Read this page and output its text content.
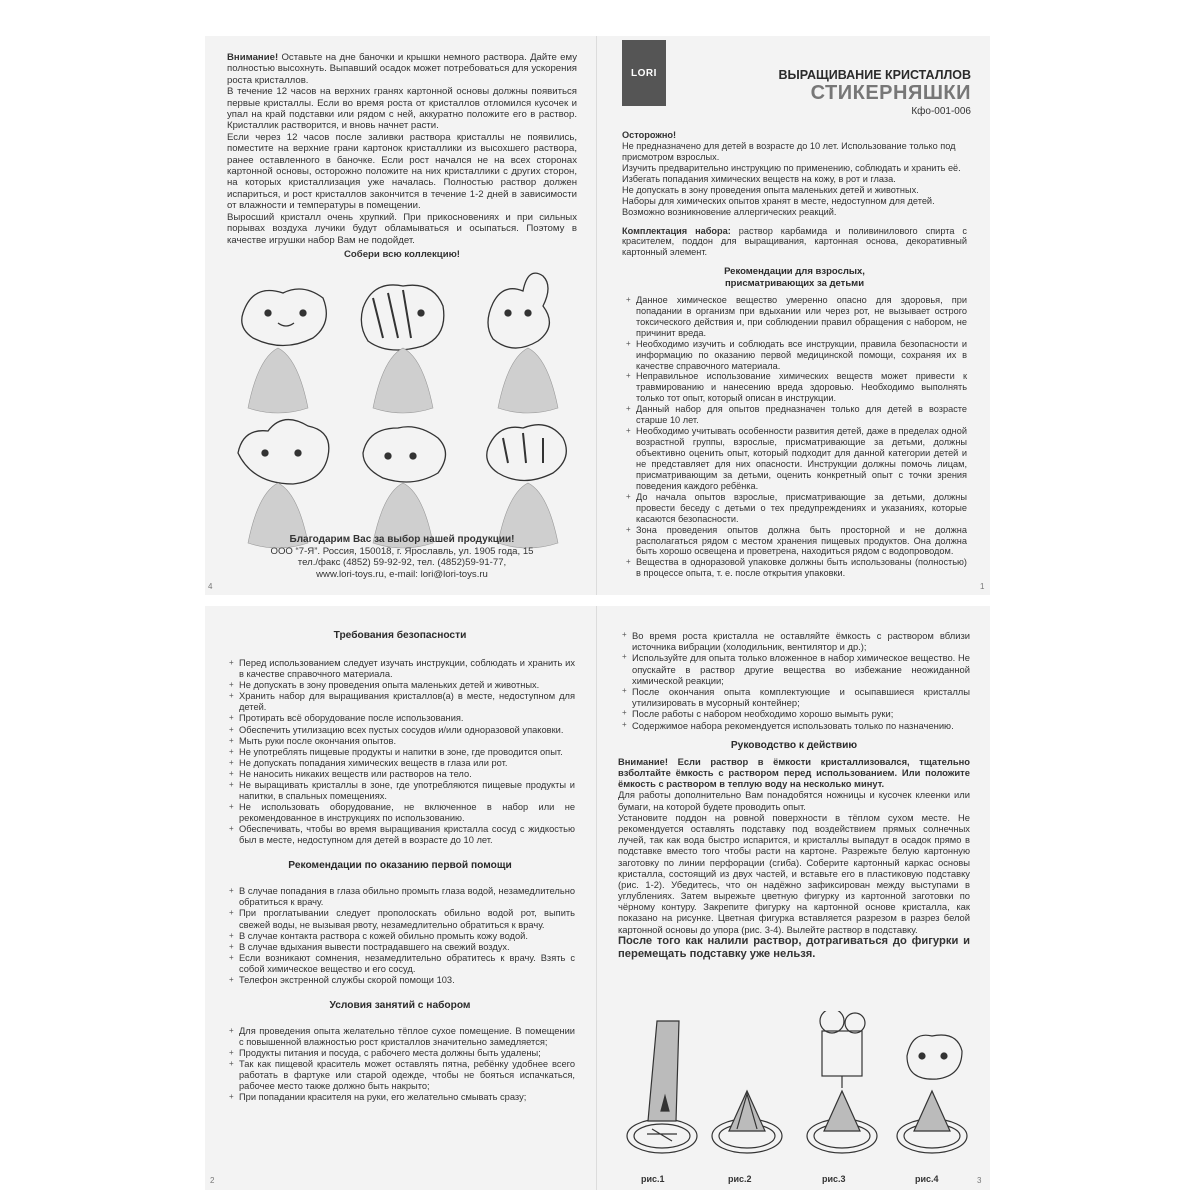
Внимание! Оставьте на дне баночки и крышки немного раствора. Дайте ему полностью высохнуть. Выпавший осадок может потребоваться для ускорения роста кристаллов.

В течение 12 часов на верхних гранях картонной основы должны появиться первые кристаллы. Если во время роста от кристаллов отломился кусочек и упал на край подставки или рядом с ней, аккуратно положите его в раствор. Кристаллик растворится, и вновь начнет расти.

Если через 12 часов после заливки раствора кристаллы не появились, поместите на верхние грани картонок кристаллики из высохшего раствора, ранее оставленного в баночке. Если рост начался не на всех сторонах картонной основы, осторожно положите на них кристаллики с других сторон, на которых кристаллизация уже началась. Полностью раствор должен испариться, и рост кристаллов закончится в течение 1-2 дней в зависимости от влажности и температуры в помещении.

Выросший кристалл очень хрупкий. При прикосновениях и при сильных порывах воздуха лучики будут обламываться и осыпаться. Поэтому в качестве игрушки набор Вам не подойдет.

Собери всю коллекцию!

Благодарим Вас за выбор нашей продукции!

ООО “7-Я”. Россия, 150018, г. Ярославль, ул. 1905 года, 15

тел./факс (4852) 59-92-92, тел. (4852)59-91-77,

www.lori-toys.ru, e-mail: lori@lori-toys.ru

4	1
LORI	ВЫРАЩИВАНИЕ КРИСТАЛЛОВ

СТИКЕРНЯШКИ

Кфо-001-006

Осторожно!

Не предназначено для детей в возрасте до 10 лет. Использование только под присмотром взрослых.

Изучить предварительно инструкцию по применению, соблюдать и хранить её.

Избегать попадания химических веществ на кожу, в рот и глаза.

Не допускать в зону проведения опыта маленьких детей и животных.

Наборы для химических опытов хранят в месте, недоступном для детей.

Возможно возникновение аллергических реакций.

Комплектация набора: раствор карбамида и поливинилового спирта с красителем, поддон для выращивания, картонная основа, декоративный картонный элемент.

Рекомендации для взрослых,

присматривающих за детьми

+ Данное химическое вещество умеренно опасно для здоровья, при попадании в организм при вдыхании или через рот, не вызывает острого токсического действия и, при соблюдении правил обращения с набором, не причинит вреда.
+ Необходимо изучить и соблюдать все инструкции, правила безопасности и информацию по оказанию первой медицинской помощи, сохраняя их в качестве справочного материала.
+ Неправильное использование химических веществ может привести к травмированию и нанесению вреда здоровью. Необходимо выполнять только тот опыт, который описан в инструкции.
+ Данный набор для опытов предназначен только для детей в возрасте старше 10 лет.
+ Необходимо учитывать особенности развития детей, даже в пределах одной возрастной группы, взрослые, присматривающие за детьми, должны объективно оценить опыт, который подходит для данной категории детей и не представляет для них опасности. Инструкции должны помочь лицам, присматривающим за детьми, оценить конкретный опыт с точки зрения поведения каждого ребёнка.
+ До начала опытов взрослые, присматривающие за детьми, должны провести беседу с детьми о тех предупреждениях и указаниях, которые касаются безопасности.
+ Зона проведения опытов должна быть просторной и не должна располагаться рядом с местом хранения пищевых продуктов. Она должна быть хорошо освещена и проветрена, находиться рядом с водопроводом.
+ Вещества в одноразовой упаковке должны быть использованы (полностью) в процессе опыта, т. е. после открытия упаковки.

Требования безопасности

+ Перед использованием следует изучать инструкции, соблюдать и хранить их в качестве справочного материала.
+ Не допускать в зону проведения опыта маленьких детей и животных.
+ Хранить набор для выращивания кристаллов(а) в месте, недоступном для детей.
+ Протирать всё оборудование после использования.
+ Обеспечить утилизацию всех пустых сосудов и/или одноразовой упаковки.
+ Мыть руки после окончания опытов.
+ Не употреблять пищевые продукты и напитки в зоне, где проводится опыт.
+ Не допускать попадания химических веществ в глаза или рот.
+ Не наносить никаких веществ или растворов на тело.
+ Не выращивать кристаллы в зоне, где употребляются пищевые продукты и напитки, в спальных помещениях.
+ Не использовать оборудование, не включенное в набор или не рекомендованное в инструкциях по использованию.
+ Обеспечивать, чтобы во время выращивания кристалла сосуд с жидкостью был в месте, недоступном для детей в возрасте до 10 лет.

Рекомендации по оказанию первой помощи

+ В случае попадания в глаза обильно промыть глаза водой, незамедлительно обратиться к врачу.
+ При проглатывании следует прополоскать обильно водой рот, выпить свежей воды, не вызывая рвоту, незамедлительно обратиться к врачу.
+ В случае контакта раствора с кожей обильно промыть кожу водой.
+ В случае вдыхания вывести пострадавшего на свежий воздух.
+ Если возникают сомнения, незамедлительно обратитесь к врачу. Взять с собой химическое вещество и его сосуд.
+ Телефон экстренной службы скорой помощи 103.

Условия занятий с набором

+ Для проведения опыта желательно тёплое сухое помещение. В помещении с повышенной влажностью рост кристаллов значительно замедляется;
+ Продукты питания и посуда, с рабочего места должны быть удалены;
+ Так как пищевой краситель может оставлять пятна, ребёнку удобнее всего работать в фартуке или старой одежде, чтобы не бояться испачкаться, рабочее место также должно быть накрыто;
+ При попадании красителя на руки, его желательно смывать сразу;
2
+ Во время роста кристалла не оставляйте ёмкость с раствором вблизи источника вибрации (холодильник, вентилятор и др.);
+ Используйте для опыта только вложенное в набор химическое вещество. Не опускайте в раствор другие вещества во избежание неожиданной химической реакции;
+ После окончания опыта комплектующие и осыпавшиеся кристаллы утилизировать в мусорный контейнер;
+ После работы с набором необходимо хорошо вымыть руки;
+ Содержимое набора рекомендуется использовать только по назначению.

Руководство к действию

Внимание! Если раствор в ёмкости кристаллизовался, тщательно взболтайте ёмкость с раствором перед использованием. Или положите ёмкость с раствором в теплую воду на несколько минут.

Для работы дополнительно Вам понадобятся ножницы и кусочек клеенки или бумаги, на которой будете проводить опыт.

Установите поддон на ровной поверхности в тёплом сухом месте. Не рекомендуется оставлять подставку под воздействием прямых солнечных лучей, так как вода быстро испарится, и кристаллы выпадут в осадок прямо в подставке вместо того чтобы расти на картоне. Разрежьте белую картонную заготовку по линии перфорации (сгиба). Соберите картонный каркас основы кристалла, состоящий из двух частей, и вставьте его в пластиковую подставку (рис. 1-2). Убедитесь, что он надёжно зафиксирован между выступами в углублениях. Затем вырежьте цветную фигурку из картонной заготовки по чёрному контуру. Закрепите фигурку на картонной основе кристалла, как показано на рисунке. Цветная фигурка вставляется разрезом в разрез белой картонной основы до упора (рис. 3-4). Вылейте раствор в подставку.

После того как налили раствор, дотрагиваться до фигурки и перемещать подставку уже нельзя.

рис.1	рис.2	рис.3	рис.4	3
